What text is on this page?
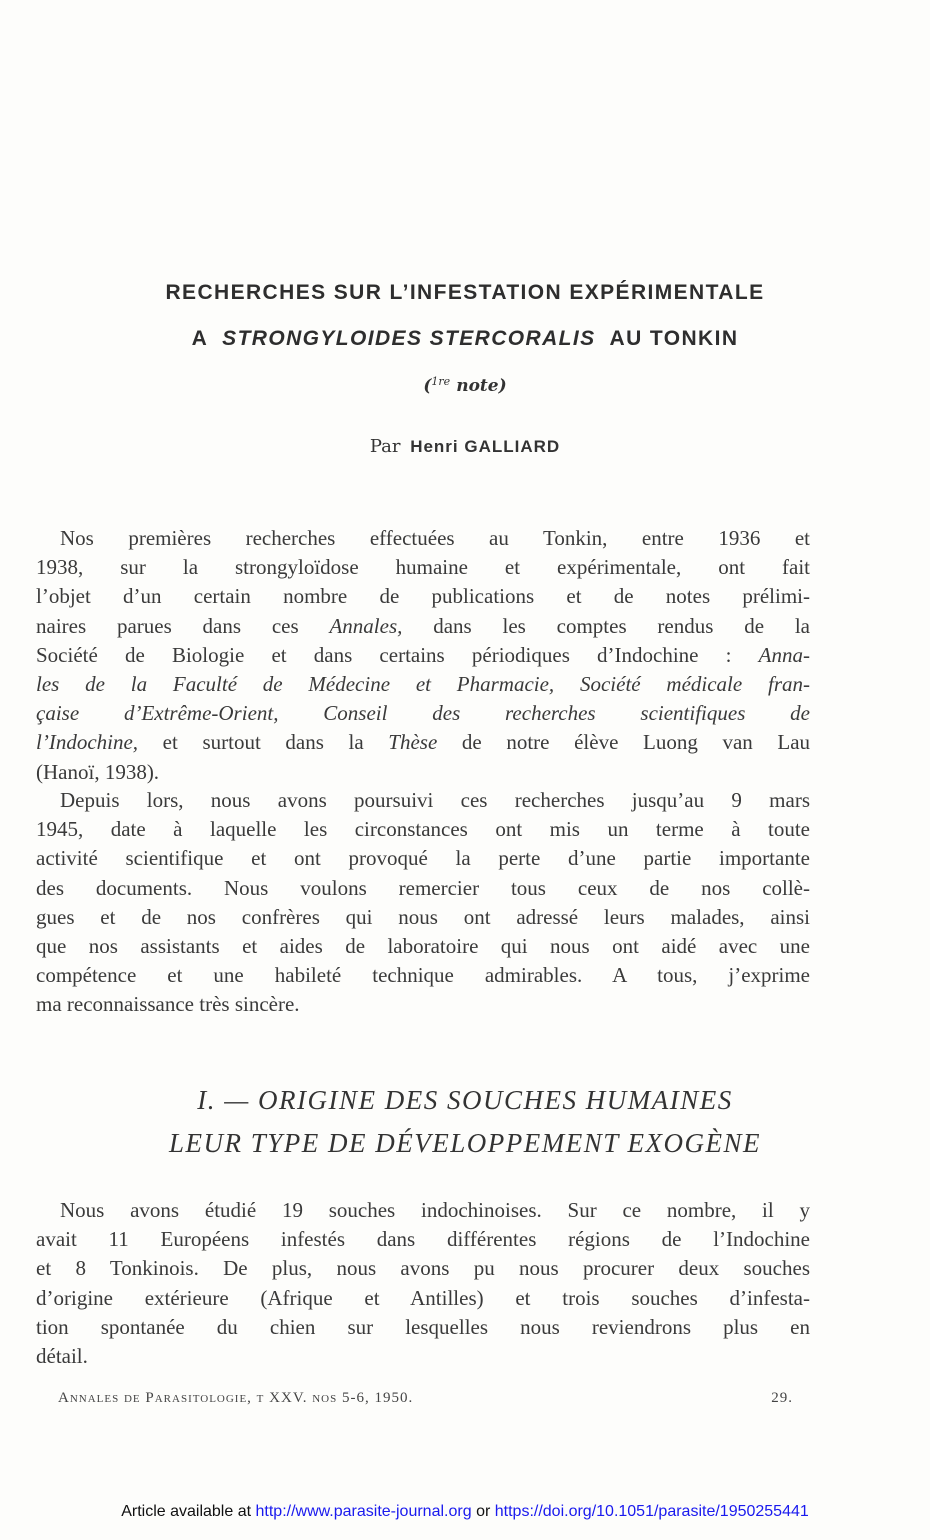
RECHERCHES SUR L’INFESTATION EXPÉRIMENTALE
A STRONGYLOIDES STERCORALIS AU TONKIN
($^{1re}$ note)
Par Henri GALLIARD

Nos premières recherches effectuées au Tonkin, entre 1936 et
1938, sur la strongyloïdose humaine et expérimentale, ont fait
l’objet d’un certain nombre de publications et de notes prélimi-
naires parues dans ces Annales, dans les comptes rendus de la
Société de Biologie et dans certains périodiques d’Indochine : Anna-
les de la Faculté de Médecine et Pharmacie, Société médicale fran-
çaise d’Extrême-Orient, Conseil des recherches scientifiques de
l’Indochine, et surtout dans la Thèse de notre élève Luong van Lau
(Hanoï, 1938).

Depuis lors, nous avons poursuivi ces recherches jusqu’au 9 mars
1945, date à laquelle les circonstances ont mis un terme à toute
activité scientifique et ont provoqué la perte d’une partie importante
des documents. Nous voulons remercier tous ceux de nos collè-
gues et de nos confrères qui nous ont adressé leurs malades, ainsi
que nos assistants et aides de laboratoire qui nous ont aidé avec une
compétence et une habileté technique admirables. A tous, j’exprime
ma reconnaissance très sincère.

I. — ORIGINE DES SOUCHES HUMAINES
LEUR TYPE DE DÉVELOPPEMENT EXOGÈNE

Nous avons étudié 19 souches indochinoises. Sur ce nombre, il y
avait 11 Européens infestés dans différentes régions de l’Indochine
et 8 Tonkinois. De plus, nous avons pu nous procurer deux souches
d’origine extérieure (Afrique et Antilles) et trois souches d’infesta-
tion spontanée du chien sur lesquelles nous reviendrons plus en
détail.

Annales de Parasitologie, t XXV. nos 5-6, 1950.	29.
Article available at http://www.parasite-journal.org or https://doi.org/10.1051/parasite/1950255441
